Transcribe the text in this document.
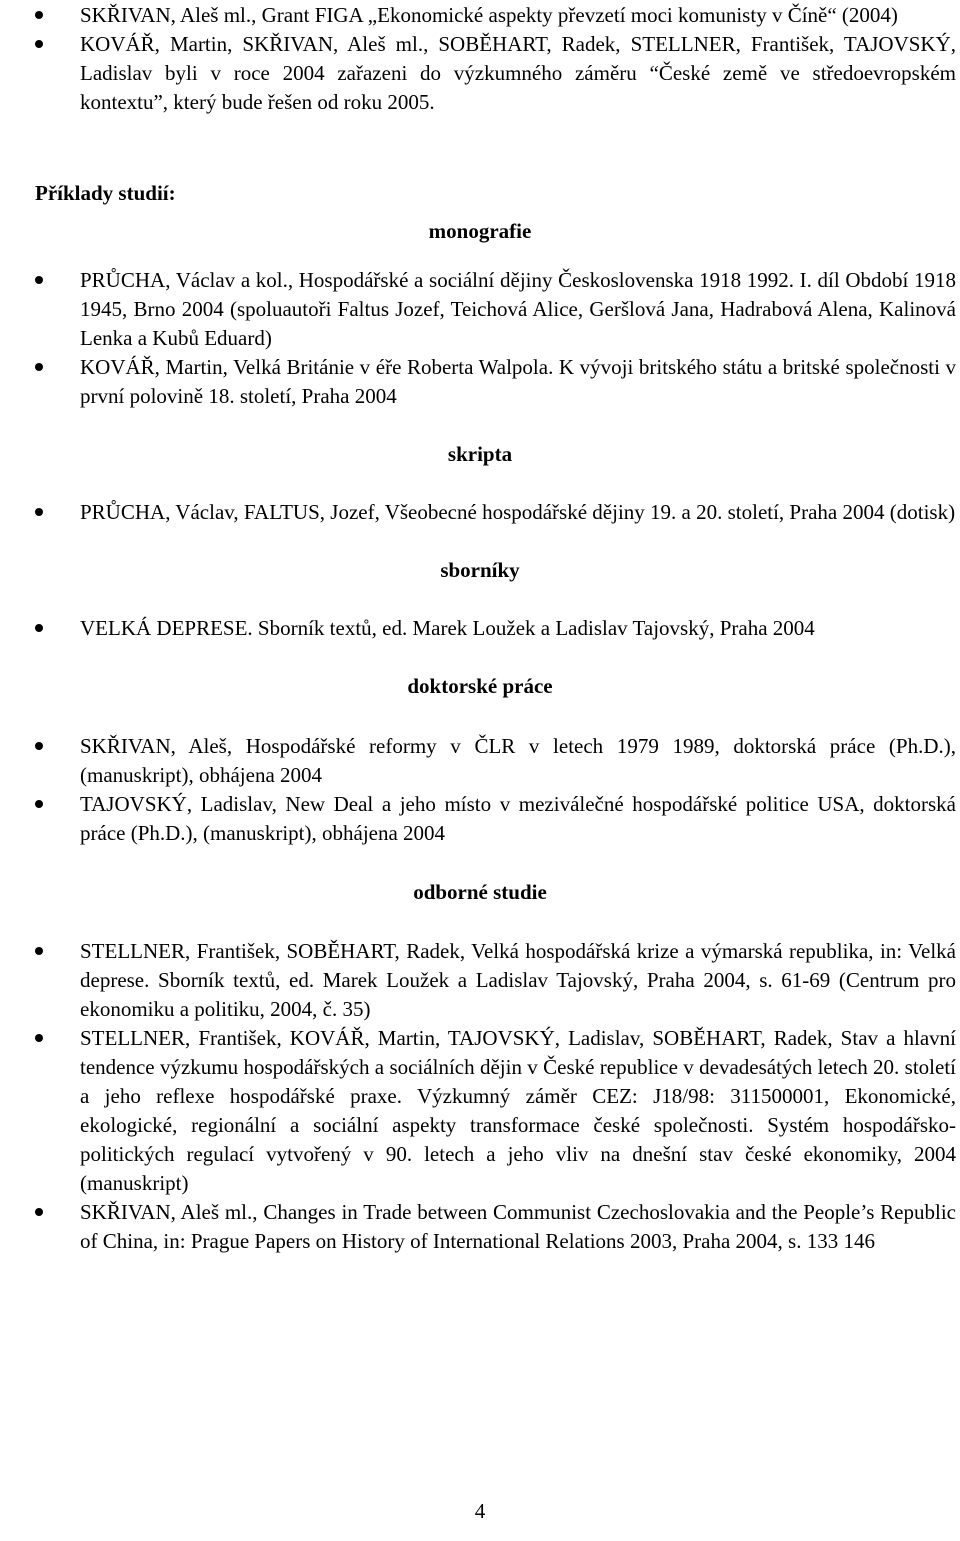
SKŘIVAN, Aleš ml., Grant FIGA „Ekonomické aspekty převzetí moci komunisty v Číně“ (2004)
KOVÁŘ, Martin, SKŘIVAN, Aleš ml., SOBĚHART, Radek, STELLNER, František, TAJOVSKÝ, Ladislav byli v roce 2004 zařazeni do výzkumného záměru “České země ve středoevropském kontextu”, který bude řešen od roku 2005.

Příklady studií:

monografie

PRŮCHA, Václav a kol., Hospodářské a sociální dějiny Československa 1918 1992. I. díl Období 1918 1945, Brno 2004 (spoluautoři Faltus Jozef, Teichová Alice, Geršlová Jana, Hadrabová Alena, Kalinová Lenka a Kubů Eduard)
KOVÁŘ, Martin, Velká Británie v éře Roberta Walpola. K vývoji britského státu a britské společnosti v první polovině 18. století, Praha 2004

skripta

PRŮCHA, Václav, FALTUS, Jozef, Všeobecné hospodářské dějiny 19. a 20. století, Praha 2004 (dotisk)

sborníky

VELKÁ DEPRESE. Sborník textů, ed. Marek Loužek a Ladislav Tajovský, Praha 2004

doktorské práce

SKŘIVAN, Aleš, Hospodářské reformy v ČLR v letech 1979 1989, doktorská práce (Ph.D.), (manuskript), obhájena 2004
TAJOVSKÝ, Ladislav, New Deal a jeho místo v meziválečné hospodářské politice USA, doktorská práce (Ph.D.), (manuskript), obhájena 2004

odborné studie

STELLNER, František, SOBĚHART, Radek, Velká hospodářská krize a výmarská republika, in: Velká deprese. Sborník textů, ed. Marek Loužek a Ladislav Tajovský, Praha 2004, s. 61-69 (Centrum pro ekonomiku a politiku, 2004, č. 35)
STELLNER, František, KOVÁŘ, Martin, TAJOVSKÝ, Ladislav, SOBĚHART, Radek, Stav a hlavní tendence výzkumu hospodářských a sociálních dějin v České republice v devadesátých letech 20. století a jeho reflexe hospodářské praxe. Výzkumný záměr CEZ: J18/98: 311500001, Ekonomické, ekologické, regionální a sociální aspekty transformace české společnosti. Systém hospodářsko-politických regulací vytvořený v 90. letech a jeho vliv na dnešní stav české ekonomiky, 2004 (manuskript)
SKŘIVAN, Aleš ml., Changes in Trade between Communist Czechoslovakia and the People’s Republic of China, in: Prague Papers on History of International Relations 2003, Praha 2004, s. 133 146
4
